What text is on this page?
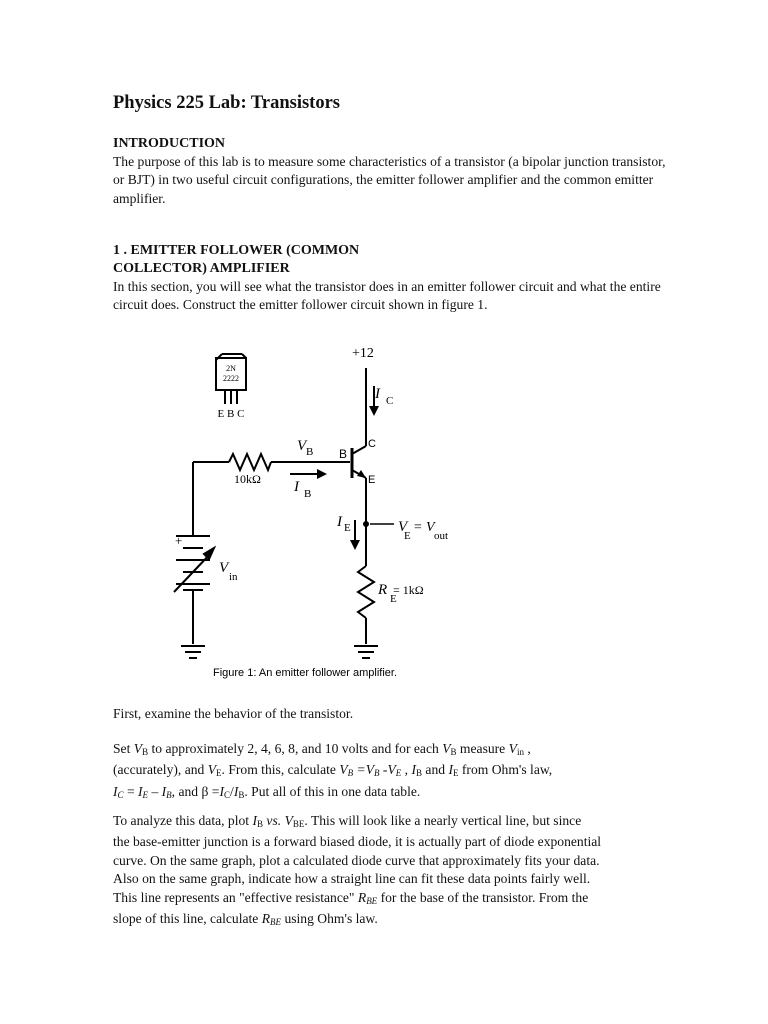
Physics 225 Lab: Transistors
INTRODUCTION
The purpose of this lab is to measure some characteristics of a transistor (a bipolar junction transistor, or BJT) in two useful circuit configurations, the emitter follower amplifier and the common emitter amplifier.
1 . EMITTER FOLLOWER (COMMON
COLLECTOR) AMPLIFIER
In this section, you will see what the transistor does in an emitter follower circuit and what the entire circuit does. Construct the emitter follower circuit shown in figure 1.
First, examine the behavior of the transistor.
Set $V_B$ to approximately 2, 4, 6, 8, and 10 volts and for each $V_B$ measure $V_{in}$ ,
(accurately), and $V_E$. From this, calculate $V_B =V_B$ $-V_E$ , $I_B$ and $I_E$ from Ohm's law,
$I_C = I_E - I_B$, and $\beta =I_C/I_B$. Put all of this in one data table.
To analyze this data, plot $I_B$ vs. $V_{BE}$. This will look like a nearly vertical line, but since
the base-emitter junction is a forward biased diode, it is actually part of diode exponential
curve. On the same graph, plot a calculated diode curve that approximately fits your data.
Also on the same graph, indicate how a straight line can fit these data points fairly well.
This line represents an "effective resistance" $R_{BE}$ for the base of the transistor. From the
slope of this line, calculate $R_{BE}$ using Ohm's law.
2N
2222
E B C
+12
I C
C
B
E
V B
I B
10kΩ
I E	V
E
= V
out
R
E
= 1kΩ
+
V
in
Figure 1: An emitter follower amplifier.
